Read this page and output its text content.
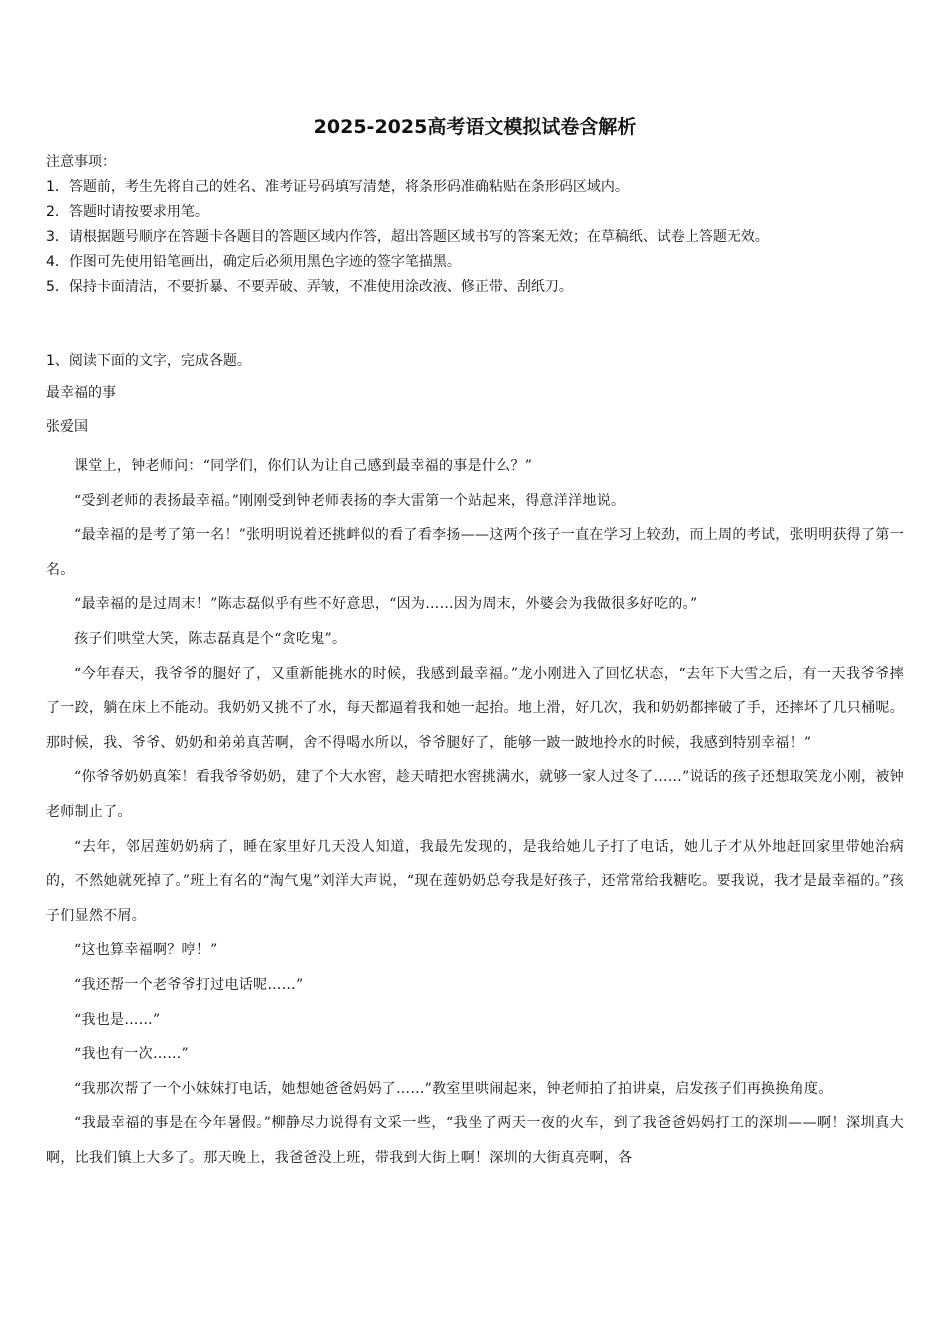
2025-2025高考语文模拟试卷含解析
注意事项：
1．答题前，考生先将自己的姓名、准考证号码填写清楚，将条形码准确粘贴在条形码区域内。
2．答题时请按要求用笔。
3．请根据题号顺序在答题卡各题目的答题区域内作答，超出答题区域书写的答案无效；在草稿纸、试卷上答题无效。
4．作图可先使用铅笔画出，确定后必须用黑色字迹的签字笔描黑。
5．保持卡面清洁，不要折暴、不要弄破、弄皱，不准使用涂改液、修正带、刮纸刀。
1、阅读下面的文字，完成各题。
最幸福的事
张爱国

课堂上，钟老师问：“同学们，你们认为让自己感到最幸福的事是什么？”

“受到老师的表扬最幸福。”刚刚受到钟老师表扬的李大雷第一个站起来，得意洋洋地说。

“最幸福的是考了第一名！”张明明说着还挑衅似的看了看李扬——这两个孩子一直在学习上较劲，而上周的考试，张明明获得了第一名。

“最幸福的是过周末！”陈志磊似乎有些不好意思，“因为……因为周末，外婆会为我做很多好吃的。”

孩子们哄堂大笑，陈志磊真是个“贪吃鬼”。

“今年春天，我爷爷的腿好了，又重新能挑水的时候，我感到最幸福。”龙小刚进入了回忆状态，“去年下大雪之后，有一天我爷爷摔了一跤，躺在床上不能动。我奶奶又挑不了水，每天都逼着我和她一起抬。地上滑，好几次，我和奶奶都摔破了手，还摔坏了几只桶呢。那时候，我、爷爷、奶奶和弟弟真苦啊，舍不得喝水所以，爷爷腿好了，能够一跛一跛地拎水的时候，我感到特别幸福！”

“你爷爷奶奶真笨！看我爷爷奶奶，建了个大水窖，趁天晴把水窖挑满水，就够一家人过冬了……”说话的孩子还想取笑龙小刚，被钟老师制止了。

“去年，邻居莲奶奶病了，睡在家里好几天没人知道，我最先发现的，是我给她儿子打了电话，她儿子才从外地赶回家里带她治病的，不然她就死掉了。”班上有名的“淘气鬼”刘洋大声说，“现在莲奶奶总夸我是好孩子，还常常给我糖吃。要我说，我才是最幸福的。”孩子们显然不屑。

“这也算幸福啊？哼！”

“我还帮一个老爷爷打过电话呢……”

“我也是……”

“我也有一次……”

“我那次帮了一个小妹妹打电话，她想她爸爸妈妈了……”教室里哄闹起来，钟老师拍了拍讲桌，启发孩子们再换换角度。

“我最幸福的事是在今年暑假。”柳静尽力说得有文采一些，“我坐了两天一夜的火车，到了我爸爸妈妈打工的深圳——啊！深圳真大啊，比我们镇上大多了。那天晚上，我爸爸没上班，带我到大街上啊！深圳的大街真亮啊，各
